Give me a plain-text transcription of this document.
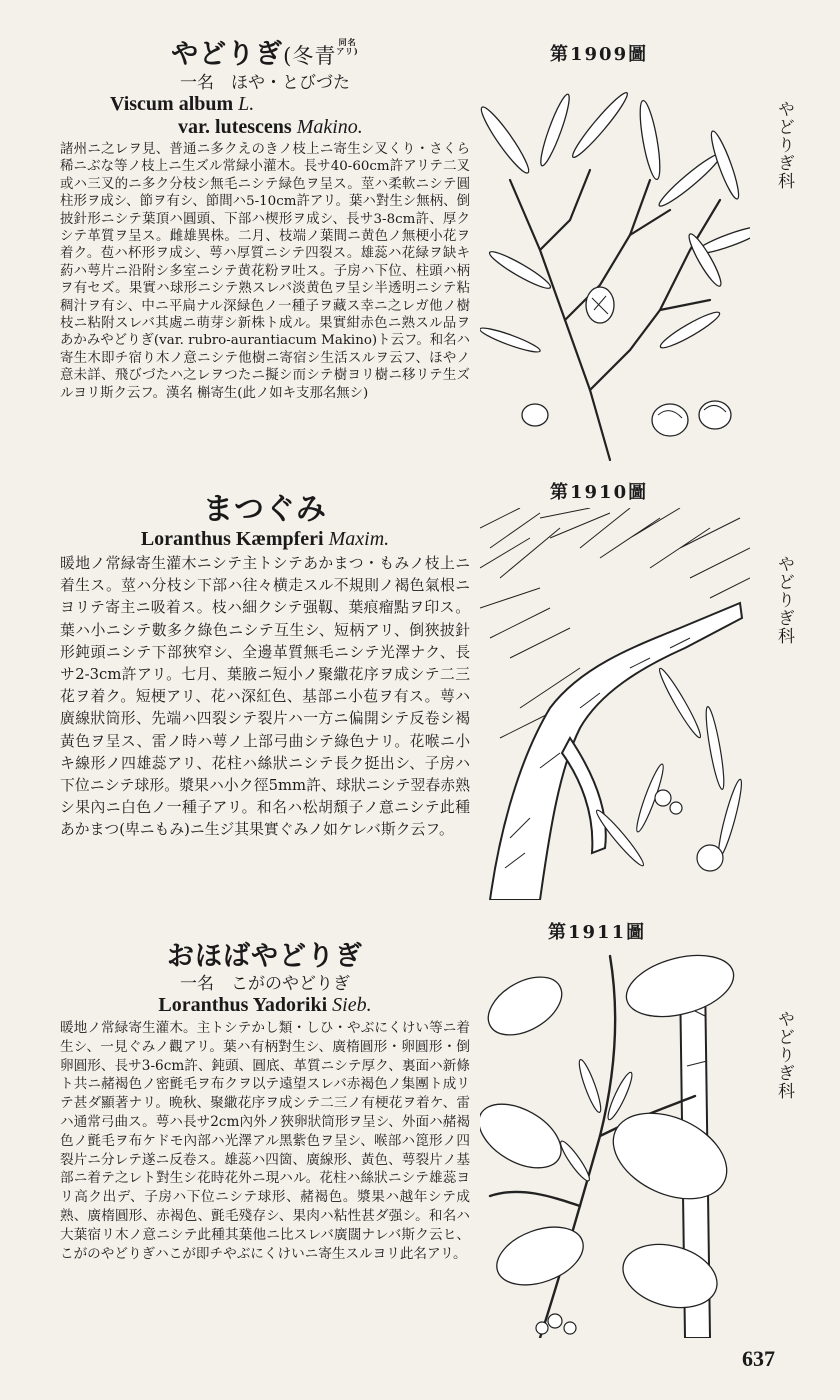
やどりぎ(冬青同名
アリ)
一名　ほや・とびづた
Viscum album L.
var. lutescens Makino.
諸州ニ之レヲ見、普通ニ多クえのきノ枝上ニ寄生シ叉くり・さくら稀ニぶな等ノ枝上ニ生ズル常緑小灌木。長サ40-60cm許アリテ二叉或ハ三叉的ニ多ク分枝シ無毛ニシテ緑色ヲ呈ス。莖ハ柔軟ニシテ圓柱形ヲ成シ、節ヲ有シ、節間ハ5-10cm許アリ。葉ハ對生シ無柄、倒披針形ニシテ葉頂ハ圓頭、下部ハ楔形ヲ成シ、長サ3-8cm許、厚クシテ革質ヲ呈ス。雌雄異株。二月、枝端ノ葉間ニ黄色ノ無梗小花ヲ着ク。苞ハ杯形ヲ成シ、萼ハ厚質ニシテ四裂ス。雄蕊ハ花緑ヲ缺キ葯ハ萼片ニ沿附シ多室ニシテ黄花粉ヲ吐ス。子房ハ下位、柱頭ハ柄ヲ有セズ。果實ハ球形ニシテ熟スレバ淡黄色ヲ呈シ半透明ニシテ粘稠汁ヲ有シ、中ニ平扁ナル深緑色ノ一種子ヲ藏ス幸ニ之レガ他ノ樹枝ニ粘附スレバ其處ニ萌芽シ新株ト成ル。果實紺赤色ニ熟スル品ヲあかみやどりぎ(var. rubro-aurantiacum Makino)ト云フ。和名ハ寄生木即チ宿り木ノ意ニシテ他樹ニ寄宿シ生活スルヲ云フ、ほやノ意未詳、飛びづたハ之レヲつたニ擬シ而シテ樹ヨリ樹ニ移リテ生ズルヨリ斯ク云フ。漢名 槲寄生(此ノ如キ支那名無シ)
まつぐみ
Loranthus Kæmpferi Maxim.
暖地ノ常緑寄生灌木ニシテ主トシテあかまつ・もみノ枝上ニ着生ス。莖ハ分枝シ下部ハ往々横走スル不規則ノ褐色氣根ニヨリテ寄主ニ吸着ス。枝ハ細クシテ强靱、葉痕瘤點ヲ印ス。葉ハ小ニシテ數多ク綠色ニシテ互生シ、短柄アリ、倒狹披針形鈍頭ニシテ下部狹窄シ、全邊革質無毛ニシテ光澤ナク、長サ2-3cm許アリ。七月、葉腋ニ短小ノ聚繖花序ヲ成シテ二三花ヲ着ク。短梗アリ、花ハ深紅色、基部ニ小苞ヲ有ス。萼ハ廣線狀筒形、先端ハ四裂シテ裂片ハ一方ニ偏開シテ反卷シ褐黃色ヲ呈ス、雷ノ時ハ萼ノ上部弓曲シテ綠色ナリ。花喉ニ小キ線形ノ四雄蕊アリ、花柱ハ絲狀ニシテ長ク挺出シ、子房ハ下位ニシテ球形。漿果ハ小ク徑5mm許、球狀ニシテ翌春赤熟シ果內ニ白色ノ一種子アリ。和名ハ松胡頹子ノ意ニシテ此種あかまつ(卑ニもみ)ニ生ジ其果實ぐみノ如ケレバ斯ク云フ。
おほばやどりぎ
一名　こがのやどりぎ
Loranthus Yadoriki Sieb.
暖地ノ常緑寄生灌木。主トシテかし類・しひ・やぶにくけい等ニ着生シ、一見ぐみノ觀アリ。葉ハ有柄對生シ、廣楕圓形・卵圓形・倒卵圓形、長サ3-6cm許、鈍頭、圓底、革質ニシテ厚ク、裏面ハ新條ト共ニ赭褐色ノ密氈毛ヲ布クヲ以テ遠望スレバ赤褐色ノ集團ト成リテ甚ダ顯著ナリ。晩秋、聚繖花序ヲ成シテ二三ノ有梗花ヲ着ケ、雷ハ通常弓曲ス。萼ハ長サ2cm內外ノ狹卵狀筒形ヲ呈シ、外面ハ赭褐色ノ氈毛ヲ布ケドモ內部ハ光澤アル黑紫色ヲ呈シ、喉部ハ箆形ノ四裂片ニ分レテ遂ニ反卷ス。雄蕊ハ四箇、廣線形、黃色、萼裂片ノ基部ニ着テ之レト對生シ花時花外ニ現ハル。花柱ハ絲狀ニシテ雄蕊ヨリ高ク出デ、子房ハ下位ニシテ球形、赭褐色。漿果ハ越年シテ成熟、廣楕圓形、赤褐色、氈毛殘存シ、果肉ハ粘性甚ダ强シ。和名ハ大葉宿リ木ノ意ニシテ此種其葉他ニ比スレバ廣闊ナレバ斯ク云ヒ、こがのやどりぎハこが即チやぶにくけいニ寄生スルヨリ此名アリ。
第1909圖
第1910圖
第1911圖
やどりぎ科
やどりぎ科
やどりぎ科
637
